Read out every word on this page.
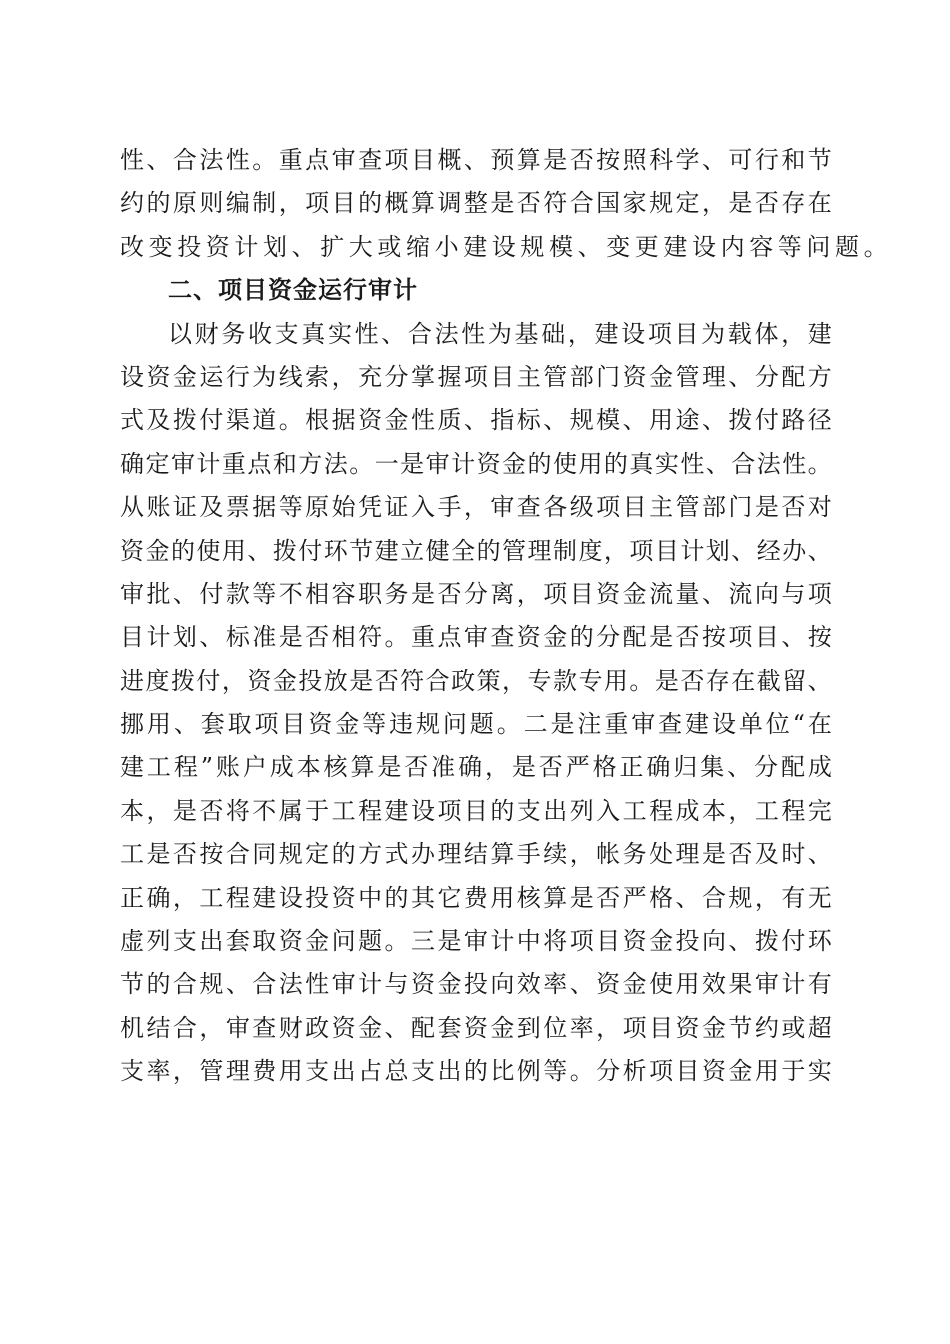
性 、 合 法 性 。 重 点 审 查 项 目 概 、 预 算 是 否 按 照 科 学 、 可 行 和 节
约 的 原 则 编 制 ， 项 目 的 概 算 调 整 是 否 符 合 国 家 规 定 ， 是 否 存 在
改变投资计划、扩大或缩小建设规模、变更建设内容等问题。
二、项目资金运行审计
以 财 务 收 支 真 实 性 、 合 法 性 为 基 础 ， 建 设 项 目 为 载 体 ， 建
设 资 金 运 行 为 线 索 ， 充 分 掌 握 项 目 主 管 部 门 资 金 管 理 、 分 配 方
式 及 拨 付 渠 道 。 根 据 资 金 性 质 、 指 标 、 规 模 、 用 途 、 拨 付 路 径
确 定 审 计 重 点 和 方 法 。 一 是 审 计 资 金 的 使 用 的 真 实 性 、 合 法 性 。
从 账 证 及 票 据 等 原 始 凭 证 入 手 ， 审 查 各 级 项 目 主 管 部 门 是 否 对
资 金 的 使 用 、 拨 付 环 节 建 立 健 全 的 管 理 制 度 ， 项 目 计 划 、 经 办 、
审 批 、 付 款 等 不 相 容 职 务 是 否 分 离 ， 项 目 资 金 流 量 、 流 向 与 项
目 计 划 、 标 准 是 否 相 符 。 重 点 审 查 资 金 的 分 配 是 否 按 项 目 、 按
进 度 拨 付 ， 资 金 投 放 是 否 符 合 政 策 ， 专 款 专 用 。 是 否 存 在 截 留 、
挪 用 、 套 取 项 目 资 金 等 违 规 问 题 。 二 是 注 重 审 查 建 设 单 位 “ 在
建 工 程 ” 账 户 成 本 核 算 是 否 准 确 ， 是 否 严 格 正 确 归 集 、 分 配 成
本 ， 是 否 将 不 属 于 工 程 建 设 项 目 的 支 出 列 入 工 程 成 本 ， 工 程 完
工 是 否 按 合 同 规 定 的 方 式 办 理 结 算 手 续 ， 帐 务 处 理 是 否 及 时 、
正 确 ， 工 程 建 设 投 资 中 的 其 它 费 用 核 算 是 否 严 格 、 合 规 ， 有 无
虚 列 支 出 套 取 资 金 问 题 。 三 是 审 计 中 将 项 目 资 金 投 向 、 拨 付 环
节 的 合 规 、 合 法 性 审 计 与 资 金 投 向 效 率 、 资 金 使 用 效 果 审 计 有
机 结 合 ， 审 查 财 政 资 金 、 配 套 资 金 到 位 率 ， 项 目 资 金 节 约 或 超
支 率 ， 管 理 费 用 支 出 占 总 支 出 的 比 例 等 。 分 析 项 目 资 金 用 于 实
